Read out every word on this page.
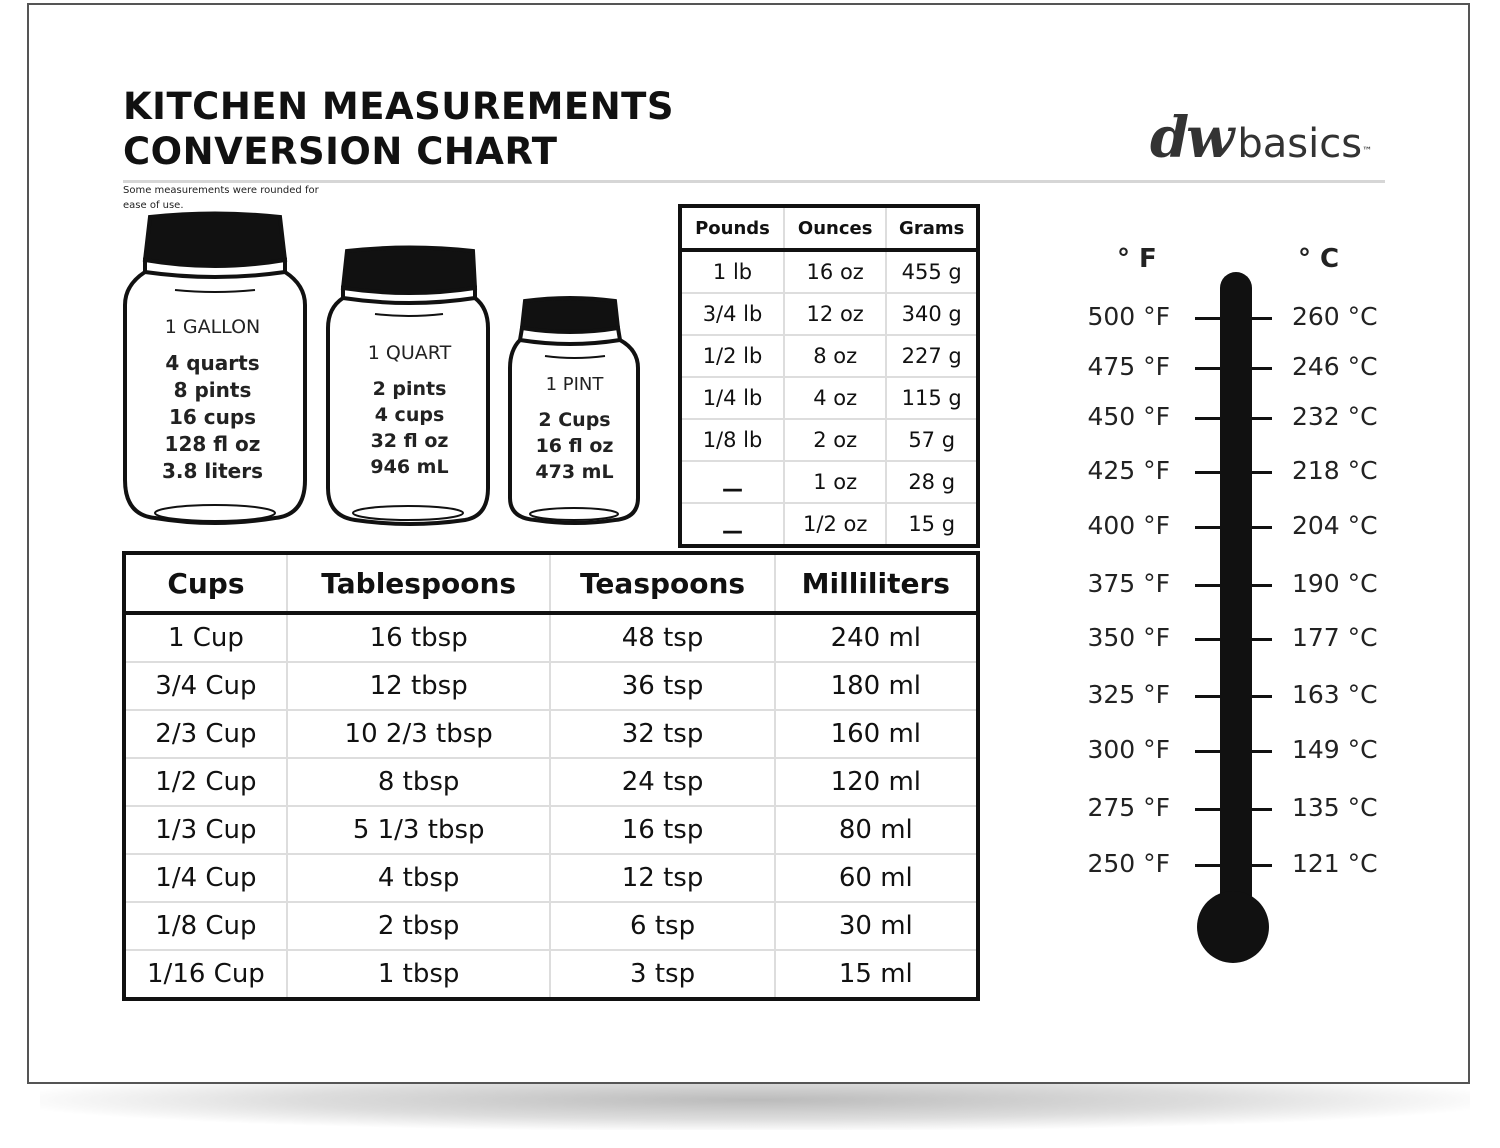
KITCHEN MEASUREMENTS
CONVERSION CHART
Some measurements were rounded for ease of use.
dw basics™
1 GALLON
4 quarts
8 pints
16 cups
128 fl oz
3.8 liters
1 QUART
2 pints
4 cups
32 fl oz
946 mL
1 PINT
2 Cups
16 fl oz
473 mL
Pounds	Ounces	Grams
1 lb	16 oz	455 g
3/4 lb	12 oz	340 g
1/2 lb	8 oz	227 g
1/4 lb	4 oz	115 g
1/8 lb	2 oz	57 g
—	1 oz	28 g
—	1/2 oz	15 g
Cups	Tablespoons	Teaspoons	Milliliters
1 Cup	16 tbsp	48 tsp	240 ml
3/4 Cup	12 tbsp	36 tsp	180 ml
2/3 Cup	10 2/3 tbsp	32 tsp	160 ml
1/2 Cup	8 tbsp	24 tsp	120 ml
1/3 Cup	5 1/3 tbsp	16 tsp	80 ml
1/4 Cup	4 tbsp	12 tsp	60 ml
1/8 Cup	2 tbsp	6 tsp	30 ml
1/16 Cup	1 tbsp	3 tsp	15 ml
° F	° C
500 °F	260 °C
475 °F	246 °C
450 °F	232 °C
425 °F	218 °C
400 °F	204 °C
375 °F	190 °C
350 °F	177 °C
325 °F	163 °C
300 °F	149 °C
275 °F	135 °C
250 °F	121 °C
